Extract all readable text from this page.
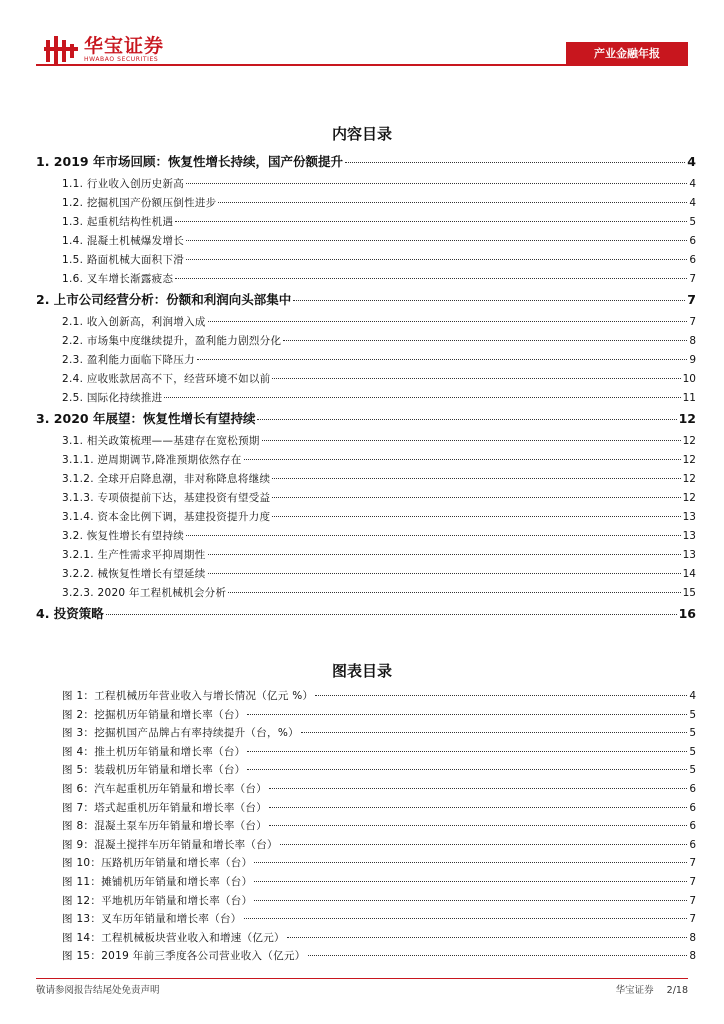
华宝证券
HWABAO SECURITIES	产业金融年报
内容目录
1. 2019 年市场回顾：恢复性增长持续，国产份额提升	4
1.1. 行业收入创历史新高	4
1.2. 挖掘机国产份额压倒性进步	4
1.3. 起重机结构性机遇	5
1.4. 混凝土机械爆发增长	6
1.5. 路面机械大面积下滑	6
1.6. 叉车增长渐露疲态	7
2. 上市公司经营分析：份额和利润向头部集中	7
2.1. 收入创新高，利润增入成	7
2.2. 市场集中度继续提升，盈利能力剧烈分化	8
2.3. 盈利能力面临下降压力	9
2.4. 应收账款居高不下，经营环境不如以前	10
2.5. 国际化持续推进	11
3. 2020 年展望：恢复性增长有望持续	12
3.1. 相关政策梳理——基建存在宽松预期	12
3.1.1. 逆周期调节,降准预期依然存在	12
3.1.2. 全球开启降息潮，非对称降息将继续	12
3.1.3. 专项债提前下达，基建投资有望受益	12
3.1.4. 资本金比例下调，基建投资提升力度	13
3.2. 恢复性增长有望持续	13
3.2.1. 生产性需求平抑周期性	13
3.2.2. 械恢复性增长有望延续	14
3.2.3. 2020 年工程机械机会分析	15
4. 投资策略	16
图表目录
图 1：工程机械历年营业收入与增长情况（亿元 %）	4
图 2：挖掘机历年销量和增长率（台）	5
图 3：挖掘机国产品牌占有率持续提升（台，%）	5
图 4：推土机历年销量和增长率（台）	5
图 5：装载机历年销量和增长率（台）	5
图 6：汽车起重机历年销量和增长率（台）	6
图 7：塔式起重机历年销量和增长率（台）	6
图 8：混凝土泵车历年销量和增长率（台）	6
图 9：混凝土搅拌车历年销量和增长率（台）	6
图 10：压路机历年销量和增长率（台）	7
图 11：摊铺机历年销量和增长率（台）	7
图 12：平地机历年销量和增长率（台）	7
图 13：叉车历年销量和增长率（台）	7
图 14：工程机械板块营业收入和增速（亿元）	8
图 15：2019 年前三季度各公司营业收入（亿元）	8
敬请参阅报告结尾处免责声明	华宝证券 2/18
